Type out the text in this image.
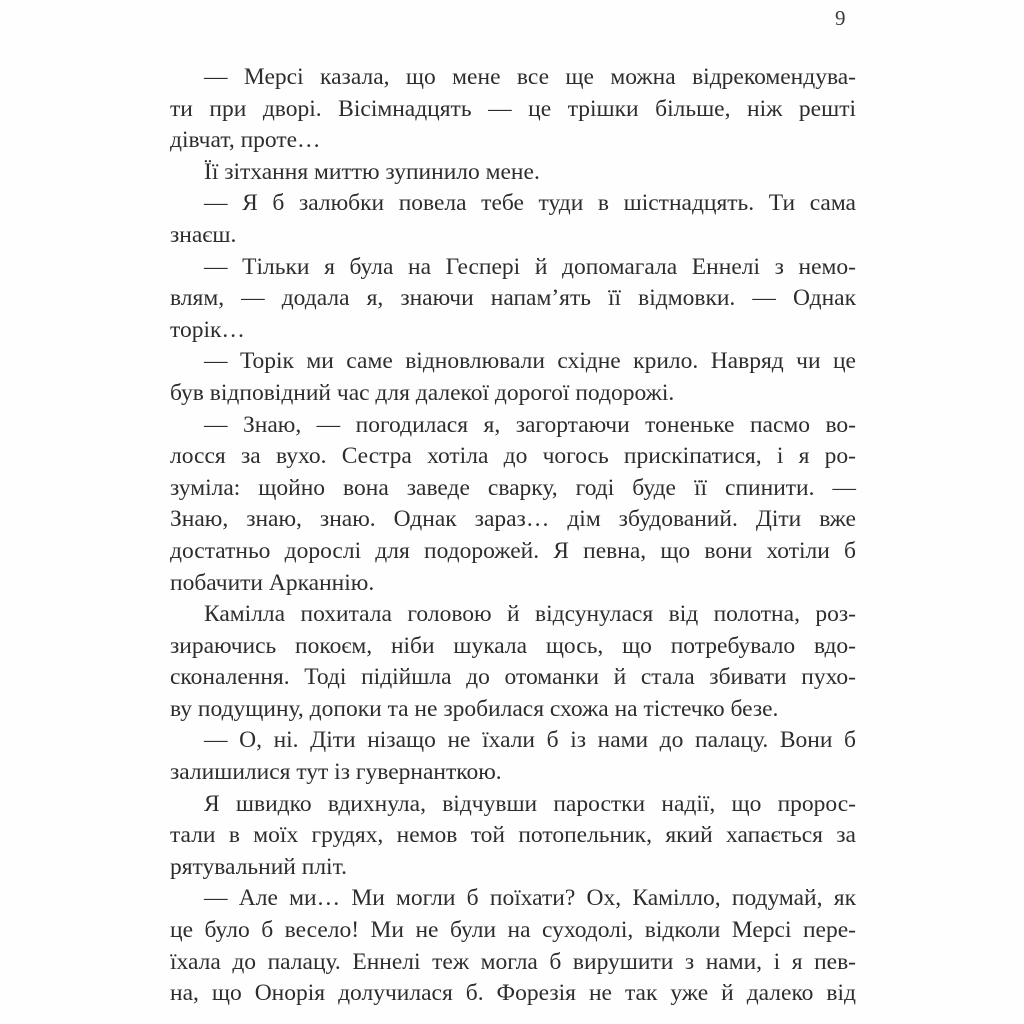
9
— Мерсі казала, що мене все ще можна відрекомендува-
ти при дворі. Вісімнадцять — це трішки більше, ніж решті
дівчат, проте…
Її зітхання миттю зупинило мене.
— Я б залюбки повела тебе туди в шістнадцять. Ти сама
знаєш.
— Тільки я була на Геспері й допомагала Еннелі з немо-
влям, — додала я, знаючи напам’ять її відмовки. — Однак
торік…
— Торік ми саме відновлювали східне крило. Навряд чи це
був відповідний час для далекої дорогої подорожі.
— Знаю, — погодилася я, загортаючи тоненьке пасмо во-
лосся за вухо. Сестра хотіла до чогось прискіпатися, і я ро-
зуміла: щойно вона заведе сварку, годі буде її спинити. —
Знаю, знаю, знаю. Однак зараз… дім збудований. Діти вже
достатньо дорослі для подорожей. Я певна, що вони хотіли б
побачити Арканнію.
Камілла похитала головою й відсунулася від полотна, роз-
зираючись покоєм, ніби шукала щось, що потребувало вдо-
сконалення. Тоді підійшла до отоманки й стала збивати пухо-
ву подущину, допоки та не зробилася схожа на тістечко безе.
— О, ні. Діти нізащо не їхали б із нами до палацу. Вони б
залишилися тут із гувернанткою.
Я швидко вдихнула, відчувши паростки надії, що пророс-
тали в моїх грудях, немов той потопельник, який хапається за
рятувальний пліт.
— Але ми… Ми могли б поїхати? Ох, Камілло, подумай, як
це було б весело! Ми не були на суходолі, відколи Мерсі пере-
їхала до палацу. Еннелі теж могла б вирушити з нами, і я пев-
на, що Онорія долучилася б. Форезія не так уже й далеко від
